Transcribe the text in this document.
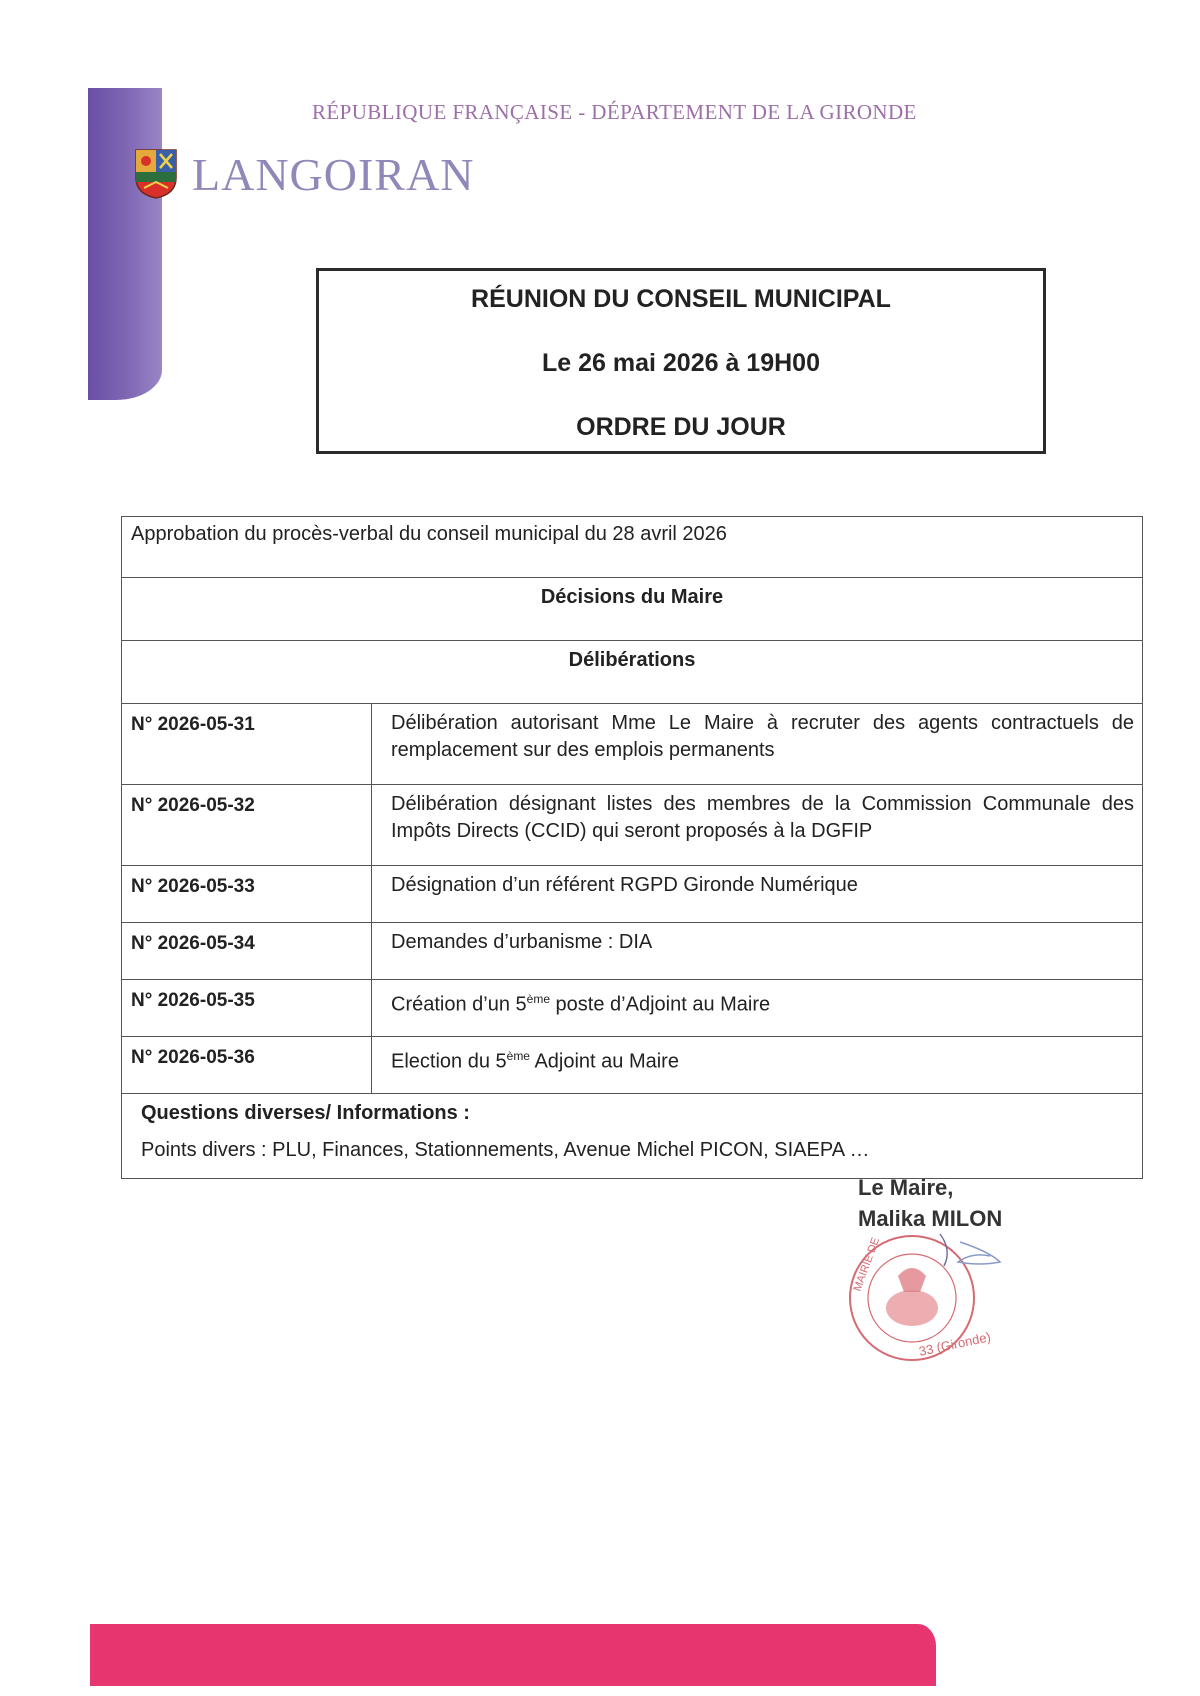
RÉPUBLIQUE FRANÇAISE - DÉPARTEMENT DE LA GIRONDE
LANGOIRAN
RÉUNION DU CONSEIL MUNICIPAL
Le 26 mai 2026 à 19H00
ORDRE DU JOUR
Approbation du procès-verbal du conseil municipal du 28 avril 2026	
Décisions du Maire	
Délibérations	
N° 2026-05-31	Délibération autorisant Mme Le Maire à recruter des agents contractuels de remplacement sur des emplois permanents
N° 2026-05-32	Délibération désignant listes des membres de la Commission Communale des Impôts Directs (CCID) qui seront proposés à la DGFIP
N° 2026-05-33	Désignation d’un référent RGPD Gironde Numérique
N° 2026-05-34	Demandes d’urbanisme : DIA
N° 2026-05-35	Création d’un 5ème poste d’Adjoint au Maire
N° 2026-05-36	Election du 5ème Adjoint au Maire

Questions diverses/ Informations :
Points divers : PLU, Finances, Stationnements, Avenue Michel PICON, SIAEPA …	
Le Maire,
Malika MILON
MAIRIE DE
33 (Gironde)
